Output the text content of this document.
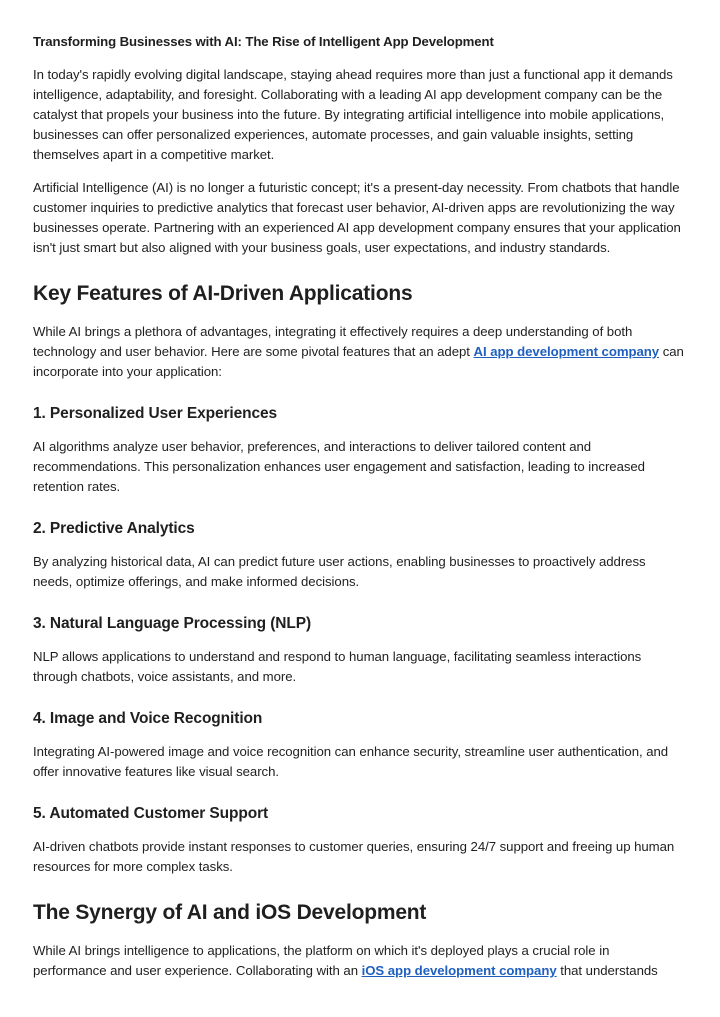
Transforming Businesses with AI: The Rise of Intelligent App Development

In today's rapidly evolving digital landscape, staying ahead requires more than just a functional app it demands intelligence, adaptability, and foresight. Collaborating with a leading AI app development company can be the catalyst that propels your business into the future. By integrating artificial intelligence into mobile applications, businesses can offer personalized experiences, automate processes, and gain valuable insights, setting themselves apart in a competitive market.

Artificial Intelligence (AI) is no longer a futuristic concept; it's a present-day necessity. From chatbots that handle customer inquiries to predictive analytics that forecast user behavior, AI-driven apps are revolutionizing the way businesses operate. Partnering with an experienced AI app development company ensures that your application isn't just smart but also aligned with your business goals, user expectations, and industry standards.

Key Features of AI-Driven Applications

While AI brings a plethora of advantages, integrating it effectively requires a deep understanding of both technology and user behavior. Here are some pivotal features that an adept AI app development company can incorporate into your application:

1. Personalized User Experiences

AI algorithms analyze user behavior, preferences, and interactions to deliver tailored content and recommendations. This personalization enhances user engagement and satisfaction, leading to increased retention rates.

2. Predictive Analytics

By analyzing historical data, AI can predict future user actions, enabling businesses to proactively address needs, optimize offerings, and make informed decisions.

3. Natural Language Processing (NLP)

NLP allows applications to understand and respond to human language, facilitating seamless interactions through chatbots, voice assistants, and more.

4. Image and Voice Recognition

Integrating AI-powered image and voice recognition can enhance security, streamline user authentication, and offer innovative features like visual search.

5. Automated Customer Support

AI-driven chatbots provide instant responses to customer queries, ensuring 24/7 support and freeing up human resources for more complex tasks.

The Synergy of AI and iOS Development

While AI brings intelligence to applications, the platform on which it's deployed plays a crucial role in performance and user experience. Collaborating with an iOS app development company that understands
